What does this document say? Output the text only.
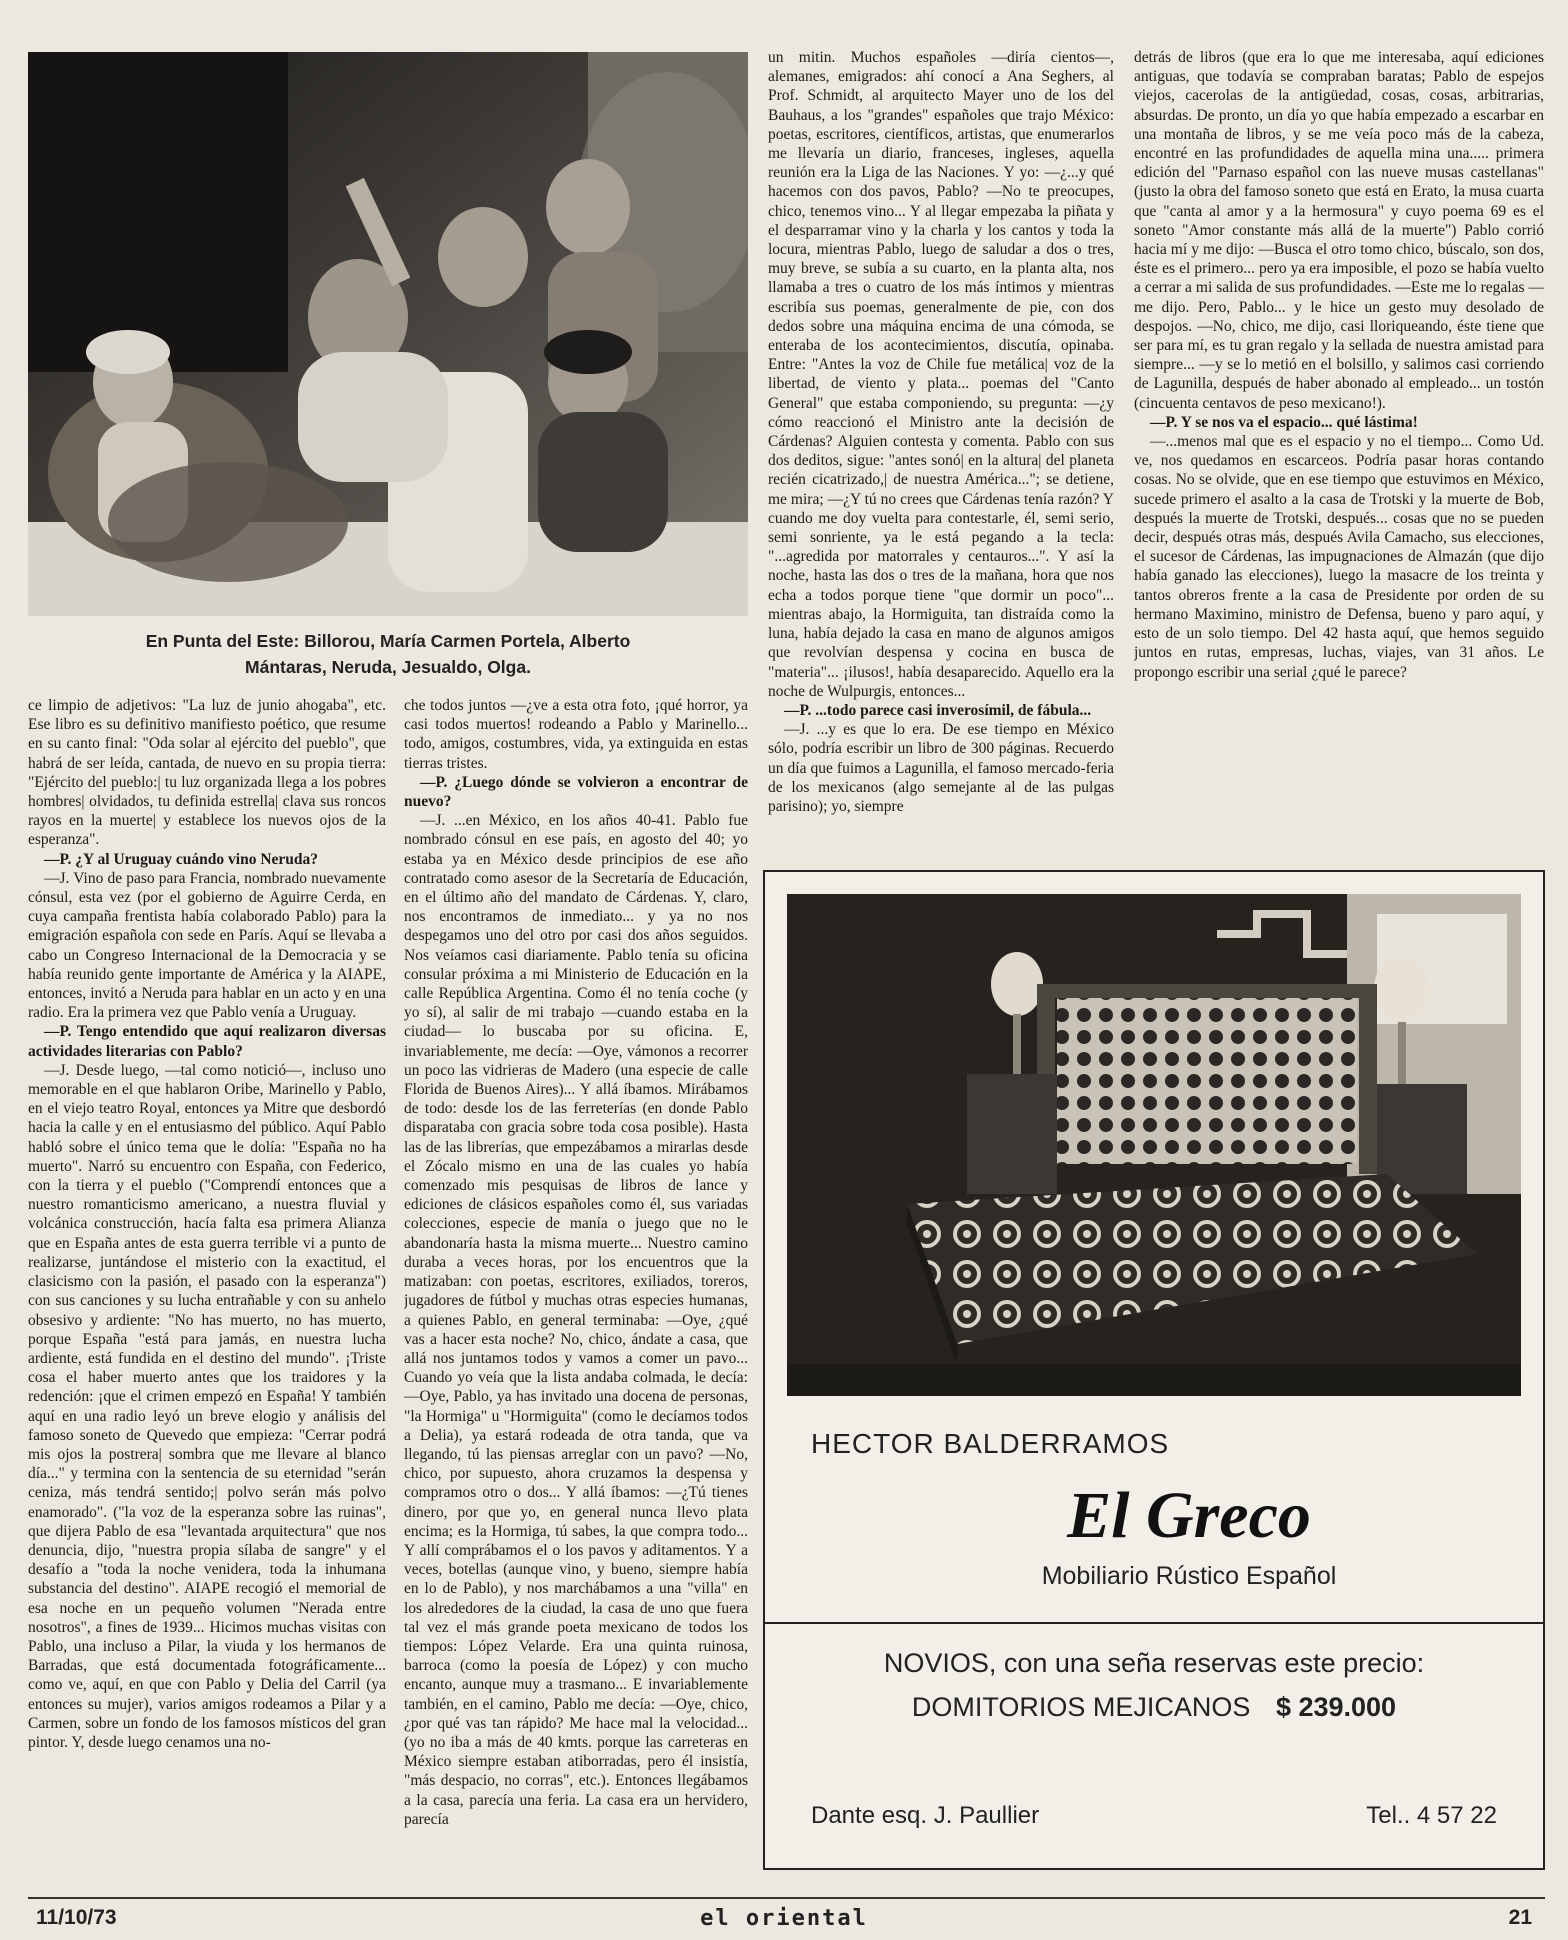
En Punta del Este: Billorou, María Carmen Portela, Alberto
Mántaras, Neruda, Jesualdo, Olga.

ce limpio de adjetivos: "La luz de junio ahogaba", etc. Ese libro es su definitivo manifiesto poético, que resume en su canto final: "Oda solar al ejército del pueblo", que habrá de ser leída, cantada, de nuevo en su propia tierra: "Ejército del pueblo:| tu luz organizada llega a los pobres hombres| olvidados, tu definida estrella| clava sus roncos rayos en la muerte| y establece los nuevos ojos de la esperanza".

—P. ¿Y al Uruguay cuándo vino Neruda?

—J. Vino de paso para Francia, nombrado nuevamente cónsul, esta vez (por el gobierno de Aguirre Cerda, en cuya campaña frentista había colaborado Pablo) para la emigración española con sede en París. Aquí se llevaba a cabo un Congreso Internacional de la Democracia y se había reunido gente importante de América y la AIAPE, entonces, invitó a Neruda para hablar en un acto y en una radio. Era la primera vez que Pablo venía a Uruguay.

—P. Tengo entendido que aquí realizaron diversas actividades literarias con Pablo?

—J. Desde luego, —tal como notició—, incluso uno memorable en el que hablaron Oribe, Marinello y Pablo, en el viejo teatro Royal, entonces ya Mitre que desbordó hacia la calle y en el entusiasmo del público. Aquí Pablo habló sobre el único tema que le dolía: "España no ha muerto". Narró su encuentro con España, con Federico, con la tierra y el pueblo ("Comprendí entonces que a nuestro romanticismo americano, a nuestra fluvial y volcánica construcción, hacía falta esa primera Alianza que en España antes de esta guerra terrible vi a punto de realizarse, juntándose el misterio con la exactitud, el clasicismo con la pasión, el pasado con la esperanza") con sus canciones y su lucha entrañable y con su anhelo obsesivo y ardiente: "No has muerto, no has muerto, porque España "está para jamás, en nuestra lucha ardiente, está fundida en el destino del mundo". ¡Triste cosa el haber muerto antes que los traidores y la redención: ¡que el crimen empezó en España! Y también aquí en una radio leyó un breve elogio y análisis del famoso soneto de Quevedo que empieza: "Cerrar podrá mis ojos la postrera| sombra que me llevare al blanco día..." y termina con la sentencia de su eternidad "serán ceniza, más tendrá sentido;| polvo serán más polvo enamorado". ("la voz de la esperanza sobre las ruinas", que dijera Pablo de esa "levantada arquitectura" que nos denuncia, dijo, "nuestra propia sílaba de sangre" y el desafío a "toda la noche venidera, toda la inhumana substancia del destino". AIAPE recogió el memorial de esa noche en un pequeño volumen "Nerada entre nosotros", a fines de 1939... Hicimos muchas visitas con Pablo, una incluso a Pilar, la viuda y los hermanos de Barradas, que está documentada fotográficamente... como ve, aquí, en que con Pablo y Delia del Carril (ya entonces su mujer), varios amigos rodeamos a Pilar y a Carmen, sobre un fondo de los famosos místicos del gran pintor. Y, desde luego cenamos una no-

che todos juntos —¿ve a esta otra foto, ¡qué horror, ya casi todos muertos! rodeando a Pablo y Marinello... todo, amigos, costumbres, vida, ya extinguida en estas tierras tristes.

—P. ¿Luego dónde se volvieron a encontrar de nuevo?

—J. ...en México, en los años 40-41. Pablo fue nombrado cónsul en ese país, en agosto del 40; yo estaba ya en México desde principios de ese año contratado como asesor de la Secretaría de Educación, en el último año del mandato de Cárdenas. Y, claro, nos encontramos de inmediato... y ya no nos despegamos uno del otro por casi dos años seguidos. Nos veíamos casi diariamente. Pablo tenía su oficina consular próxima a mi Ministerio de Educación en la calle República Argentina. Como él no tenía coche (y yo sí), al salir de mi trabajo —cuando estaba en la ciudad— lo buscaba por su oficina. E, invariablemente, me decía: —Oye, vámonos a recorrer un poco las vidrieras de Madero (una especie de calle Florida de Buenos Aires)... Y allá íbamos. Mirábamos de todo: desde los de las ferreterías (en donde Pablo disparataba con gracia sobre toda cosa posible). Hasta las de las librerías, que empezábamos a mirarlas desde el Zócalo mismo en una de las cuales yo había comenzado mis pesquisas de libros de lance y ediciones de clásicos españoles como él, sus variadas colecciones, especie de manía o juego que no le abandonaría hasta la misma muerte... Nuestro camino duraba a veces horas, por los encuentros que la matizaban: con poetas, escritores, exiliados, toreros, jugadores de fútbol y muchas otras especies humanas, a quienes Pablo, en general terminaba: —Oye, ¿qué vas a hacer esta noche? No, chico, ándate a casa, que allá nos juntamos todos y vamos a comer un pavo... Cuando yo veía que la lista andaba colmada, le decía: —Oye, Pablo, ya has invitado una docena de personas, "la Hormiga" u "Hormiguita" (como le decíamos todos a Delia), ya estará rodeada de otra tanda, que va llegando, tú las piensas arreglar con un pavo? —No, chico, por supuesto, ahora cruzamos la despensa y compramos otro o dos... Y allá íbamos: —¿Tú tienes dinero, por que yo, en general nunca llevo plata encima; es la Hormiga, tú sabes, la que compra todo... Y allí comprábamos el o los pavos y aditamentos. Y a veces, botellas (aunque vino, y bueno, siempre había en lo de Pablo), y nos marchábamos a una "villa" en los alrededores de la ciudad, la casa de uno que fuera tal vez el más grande poeta mexicano de todos los tiempos: López Velarde. Era una quinta ruinosa, barroca (como la poesía de López) y con mucho encanto, aunque muy a trasmano... E invariablemente también, en el camino, Pablo me decía: —Oye, chico, ¿por qué vas tan rápido? Me hace mal la velocidad... (yo no iba a más de 40 kmts. porque las carreteras en México siempre estaban atiborradas, pero él insistía, "más despacio, no corras", etc.). Entonces llegábamos a la casa, parecía una feria. La casa era un hervidero, parecía

un mitin. Muchos españoles —diría cientos—, alemanes, emigrados: ahí conocí a Ana Seghers, al Prof. Schmidt, al arquitecto Mayer uno de los del Bauhaus, a los "grandes" españoles que trajo México: poetas, escritores, científicos, artistas, que enumerarlos me llevaría un diario, franceses, ingleses, aquella reunión era la Liga de las Naciones. Y yo: —¿...y qué hacemos con dos pavos, Pablo? —No te preocupes, chico, tenemos vino... Y al llegar empezaba la piñata y el desparramar vino y la charla y los cantos y toda la locura, mientras Pablo, luego de saludar a dos o tres, muy breve, se subía a su cuarto, en la planta alta, nos llamaba a tres o cuatro de los más íntimos y mientras escribía sus poemas, generalmente de pie, con dos dedos sobre una máquina encima de una cómoda, se enteraba de los acontecimientos, discutía, opinaba. Entre: "Antes la voz de Chile fue metálica| voz de la libertad, de viento y plata... poemas del "Canto General" que estaba componiendo, su pregunta: —¿y cómo reaccionó el Ministro ante la decisión de Cárdenas? Alguien contesta y comenta. Pablo con sus dos deditos, sigue: "antes sonó| en la altura| del planeta recién cicatrizado,| de nuestra América..."; se detiene, me mira; —¿Y tú no crees que Cárdenas tenía razón? Y cuando me doy vuelta para contestarle, él, semi serio, semi sonriente, ya le está pegando a la tecla: "...agredida por matorrales y centauros...". Y así la noche, hasta las dos o tres de la mañana, hora que nos echa a todos porque tiene "que dormir un poco"... mientras abajo, la Hormiguita, tan distraída como la luna, había dejado la casa en mano de algunos amigos que revolvían despensa y cocina en busca de "materia"... ¡ilusos!, había desaparecido. Aquello era la noche de Wulpurgis, entonces...

—P. ...todo parece casi inverosímil, de fábula...

—J. ...y es que lo era. De ese tiempo en México sólo, podría escribir un libro de 300 páginas. Recuerdo un día que fuimos a Lagunilla, el famoso mercado-feria de los mexicanos (algo semejante al de las pulgas parisino); yo, siempre

detrás de libros (que era lo que me interesaba, aquí ediciones antiguas, que todavía se compraban baratas; Pablo de espejos viejos, cacerolas de la antigüedad, cosas, cosas, arbitrarias, absurdas. De pronto, un día yo que había empezado a escarbar en una montaña de libros, y se me veía poco más de la cabeza, encontré en las profundidades de aquella mina una..... primera edición del "Parnaso español con las nueve musas castellanas" (justo la obra del famoso soneto que está en Erato, la musa cuarta que "canta al amor y a la hermosura" y cuyo poema 69 es el soneto "Amor constante más allá de la muerte") Pablo corrió hacia mí y me dijo: —Busca el otro tomo chico, búscalo, son dos, éste es el primero... pero ya era imposible, el pozo se había vuelto a cerrar a mi salida de sus profundidades. —Este me lo regalas —me dijo. Pero, Pablo... y le hice un gesto muy desolado de despojos. —No, chico, me dijo, casi lloriqueando, éste tiene que ser para mí, es tu gran regalo y la sellada de nuestra amistad para siempre... —y se lo metió en el bolsillo, y salimos casi corriendo de Lagunilla, después de haber abonado al empleado... un tostón (cincuenta centavos de peso mexicano!).

—P. Y se nos va el espacio... qué lástima!

—...menos mal que es el espacio y no el tiempo... Como Ud. ve, nos quedamos en escarceos. Podría pasar horas contando cosas. No se olvide, que en ese tiempo que estuvimos en México, sucede primero el asalto a la casa de Trotski y la muerte de Bob, después la muerte de Trotski, después... cosas que no se pueden decir, después otras más, después Avila Camacho, sus elecciones, el sucesor de Cárdenas, las impugnaciones de Almazán (que dijo había ganado las elecciones), luego la masacre de los treinta y tantos obreros frente a la casa de Presidente por orden de su hermano Maximino, ministro de Defensa, bueno y paro aquí, y esto de un solo tiempo. Del 42 hasta aquí, que hemos seguido juntos en rutas, empresas, luchas, viajes, van 31 años. Le propongo escribir una serial ¿qué le parece?

HECTOR BALDERRAMOS
El Greco
Mobiliario Rústico Español
NOVIOS, con una seña reservas este precio:
DOMITORIOS MEJICANOS $ 239.000
Dante esq. J. Paullier	Tel.. 4 57 22
11/10/73	el oriental	21
